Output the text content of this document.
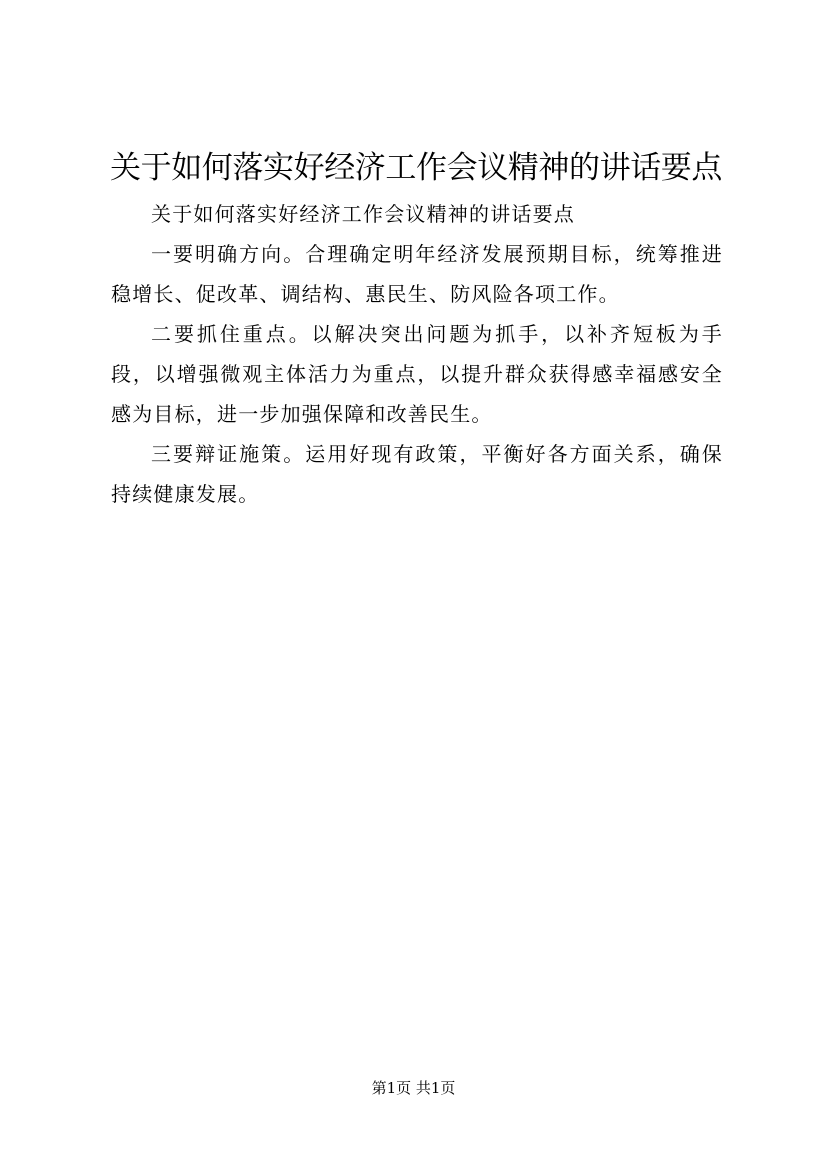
关于如何落实好经济工作会议精神的讲话要点

关于如何落实好经济工作会议精神的讲话要点

一要明确方向。合理确定明年经济发展预期目标，统筹推进稳增长、促改革、调结构、惠民生、防风险各项工作。

二要抓住重点。以解决突出问题为抓手，以补齐短板为手段，以增强微观主体活力为重点，以提升群众获得感幸福感安全感为目标，进一步加强保障和改善民生。

三要辩证施策。运用好现有政策，平衡好各方面关系，确保持续健康发展。

第1页 共1页
